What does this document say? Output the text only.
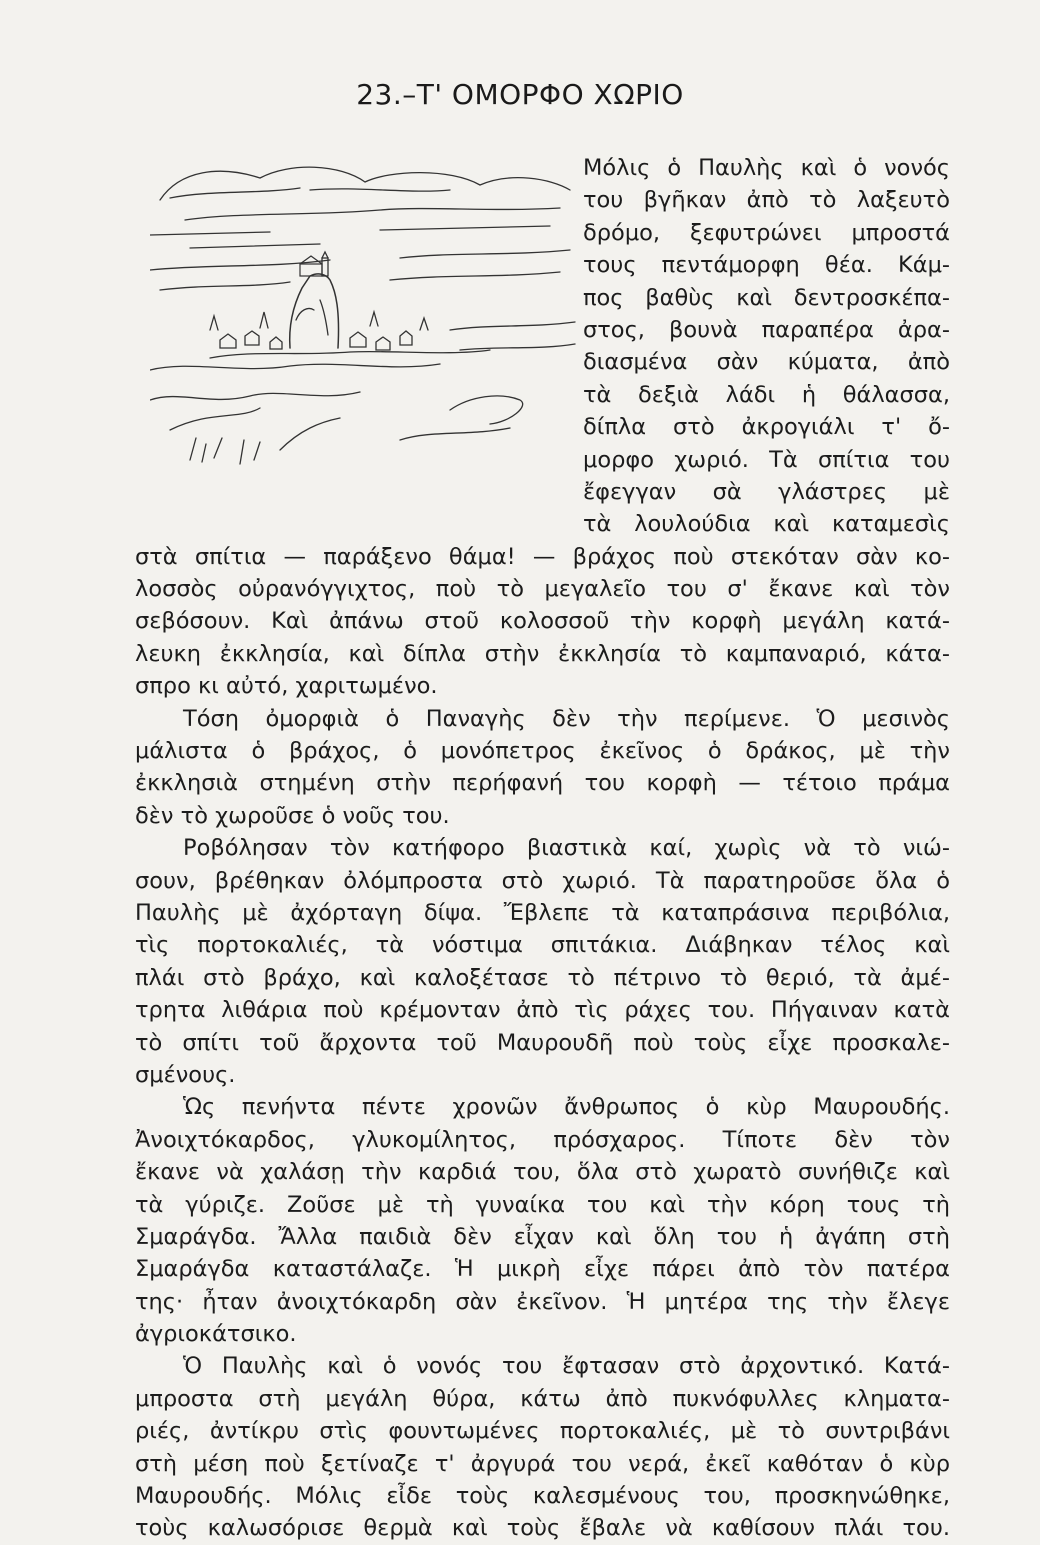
23.–Τ' ΟΜΟΡΦΟ ΧΩΡΙΟ
Μόλις ὁ Παυλὴς καὶ ὁ νονός
του βγῆκαν ἀπὸ τὸ λαξευτὸ
δρόμο, ξεφυτρώνει μπροστά
τους πεντάμορφη θέα. Κάμ-
πος βαθὺς καὶ δεντροσκέπα-
στος, βουνὰ παραπέρα ἀρα-
διασμένα σὰν κύματα, ἀπὸ
τὰ δεξιὰ λάδι ἡ θάλασσα,
δίπλα στὸ ἀκρογιάλι τ' ὄ-
μορφο χωριό. Τὰ σπίτια του
ἔφεγγαν σὰ γλάστρες μὲ
τὰ λουλούδια καὶ καταμεσὶς
στὰ σπίτια — παράξενο θάμα! — βράχος ποὺ στεκόταν σὰν κο-
λοσσὸς οὐρανόγγιχτος, ποὺ τὸ μεγαλεῖο του σ' ἔκανε καὶ τὸν
σεβόσουν. Καὶ ἀπάνω στοῦ κολοσσοῦ τὴν κορφὴ μεγάλη κατά-
λευκη ἐκκλησία, καὶ δίπλα στὴν ἐκκλησία τὸ καμπαναριό, κάτα-
σπρο κι αὐτό, χαριτωμένο.
Τόση ὀμορφιὰ ὁ Παναγὴς δὲν τὴν περίμενε. Ὁ μεσινὸς
μάλιστα ὁ βράχος, ὁ μονόπετρος ἐκεῖνος ὁ δράκος, μὲ τὴν
ἐκκλησιὰ στημένη στὴν περήφανή του κορφὴ — τέτοιο πράμα
δὲν τὸ χωροῦσε ὁ νοῦς του.
Ροβόλησαν τὸν κατήφορο βιαστικὰ καί, χωρὶς νὰ τὸ νιώ-
σουν, βρέθηκαν ὀλόμπροστα στὸ χωριό. Τὰ παρατηροῦσε ὅλα ὁ
Παυλὴς μὲ ἀχόρταγη δίψα. Ἔβλεπε τὰ καταπράσινα περιβόλια,
τὶς πορτοκαλιές, τὰ νόστιμα σπιτάκια. Διάβηκαν τέλος καὶ
πλάι στὸ βράχο, καὶ καλοξέτασε τὸ πέτρινο τὸ θεριό, τὰ ἀμέ-
τρητα λιθάρια ποὺ κρέμονταν ἀπὸ τὶς ράχες του. Πήγαιναν κατὰ
τὸ σπίτι τοῦ ἄρχοντα τοῦ Μαυρουδῆ ποὺ τοὺς εἶχε προσκαλε-
σμένους.
Ὡς πενήντα πέντε χρονῶν ἄνθρωπος ὁ κὺρ Μαυρουδής.
Ἀνοιχτόκαρδος, γλυκομίλητος, πρόσχαρος. Τίποτε δὲν τὸν
ἔκανε νὰ χαλάσῃ τὴν καρδιά του, ὅλα στὸ χωρατὸ συνήθιζε καὶ
τὰ γύριζε. Ζοῦσε μὲ τὴ γυναίκα του καὶ τὴν κόρη τους τὴ
Σμαράγδα. Ἄλλα παιδιὰ δὲν εἶχαν καὶ ὅλη του ἡ ἀγάπη στὴ
Σμαράγδα καταστάλαζε. Ἡ μικρὴ εἶχε πάρει ἀπὸ τὸν πατέρα
της· ἦταν ἀνοιχτόκαρδη σὰν ἐκεῖνον. Ἡ μητέρα της τὴν ἔλεγε
ἀγριοκάτσικο.
Ὁ Παυλὴς καὶ ὁ νονός του ἔφτασαν στὸ ἀρχοντικό. Κατά-
μπροστα στὴ μεγάλη θύρα, κάτω ἀπὸ πυκνόφυλλες κληματα-
ριές, ἀντίκρυ στὶς φουντωμένες πορτοκαλιές, μὲ τὸ συντριβάνι
στὴ μέση ποὺ ξετίναζε τ' ἀργυρά του νερά, ἐκεῖ καθόταν ὁ κὺρ
Μαυρουδής. Μόλις εἶδε τοὺς καλεσμένους του, προσκηνώθηκε,
τοὺς καλωσόρισε θερμὰ καὶ τοὺς ἔβαλε νὰ καθίσουν πλάι του.
